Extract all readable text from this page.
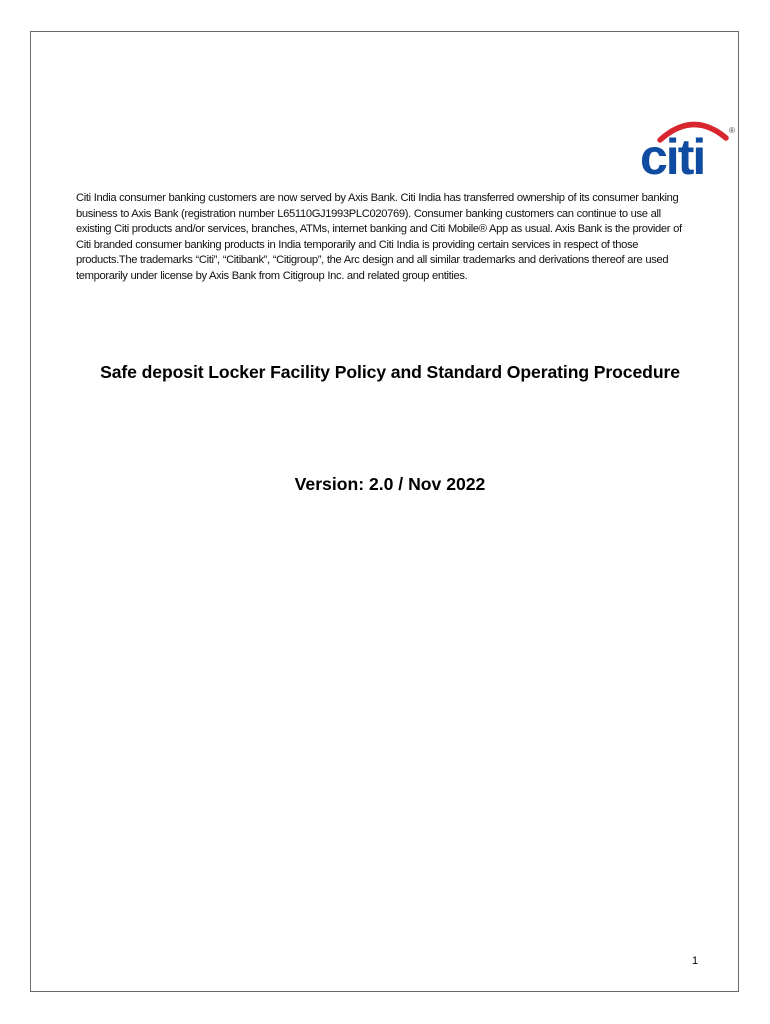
citi	®
Citi India consumer banking customers are now served by Axis Bank. Citi India has transferred ownership of its consumer banking business to Axis Bank (registration number L65110GJ1993PLC020769). Consumer banking customers can continue to use all existing Citi products and/or services, branches, ATMs, internet banking and Citi Mobile® App as usual. Axis Bank is the provider of Citi branded consumer banking products in India temporarily and Citi India is providing certain services in respect of those products.The trademarks “Citi”, “Citibank”, “Citigroup”, the Arc design and all similar trademarks and derivations thereof are used temporarily under license by Axis Bank from Citigroup Inc. and related group entities.
Safe deposit Locker Facility Policy and Standard Operating Procedure
Version: 2.0 / Nov 2022
1
